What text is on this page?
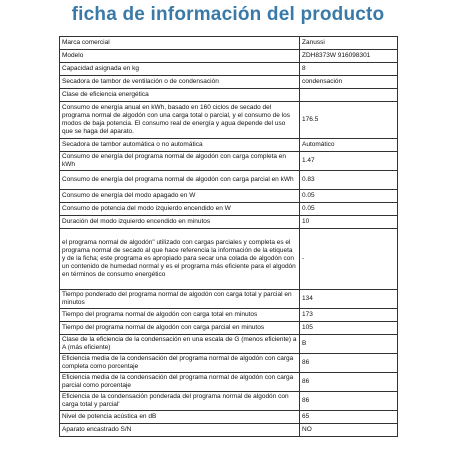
ficha de información del producto
Marca comercial	Zanussi
Modelo	ZDH8373W 916098301
Capacidad asignada en kg	8
Secadora de tambor de ventilación o de condensación	condensación
Clase de eficiencia energética	
Consumo de energía anual en kWh, basado en 160 ciclos de secado del programa normal de algodón con una carga total o parcial, y el consumo de los modos de baja potencia. El consumo real de energía y agua depende del uso que se haga del aparato.	176.5
Secadora de tambor automática o no automática	Automático
Consumo de energía del programa normal de algodón con carga completa en kWh	1.47
Consumo de energía del programa normal de algodón con carga parcial en kWh	0.83
Consumo de energía del modo apagado en W	0.05
Consumo de potencia del modo izquierdo encendido en W	0.05
Duración del modo izquierdo encendido en minutos	10
el programa normal de algodón" utilizado con cargas parciales y completa es el programa normal de secado al que hace referencia la información de la etiqueta y de la ficha; este programa es apropiado para secar una colada de algodón con un contenido de humedad normal y es el programa más eficiente para el algodón en términos de consumo energético	-
Tiempo ponderado del programa normal de algodón con carga total y parcial en minutos	134
Tiempo del programa normal de algodón con carga total en minutos	173
Tiempo del programa normal de algodón con carga parcial en minutos	105
Clase de la eficiencia de la condensación en una escala de G (menos eficiente) a A (más eficiente)	B
Eficiencia media de la condensación del programa normal de algodón con carga completa como porcentaje	86
Eficiencia media de la condensación del programa normal de algodón con carga parcial como porcentaje	86
Eficiencia de la condensación ponderada del programa normal de algodón con carga total y parcial'	86
Nivel de potencia acústica en dB	65
Aparato encastrado S/N	NO
